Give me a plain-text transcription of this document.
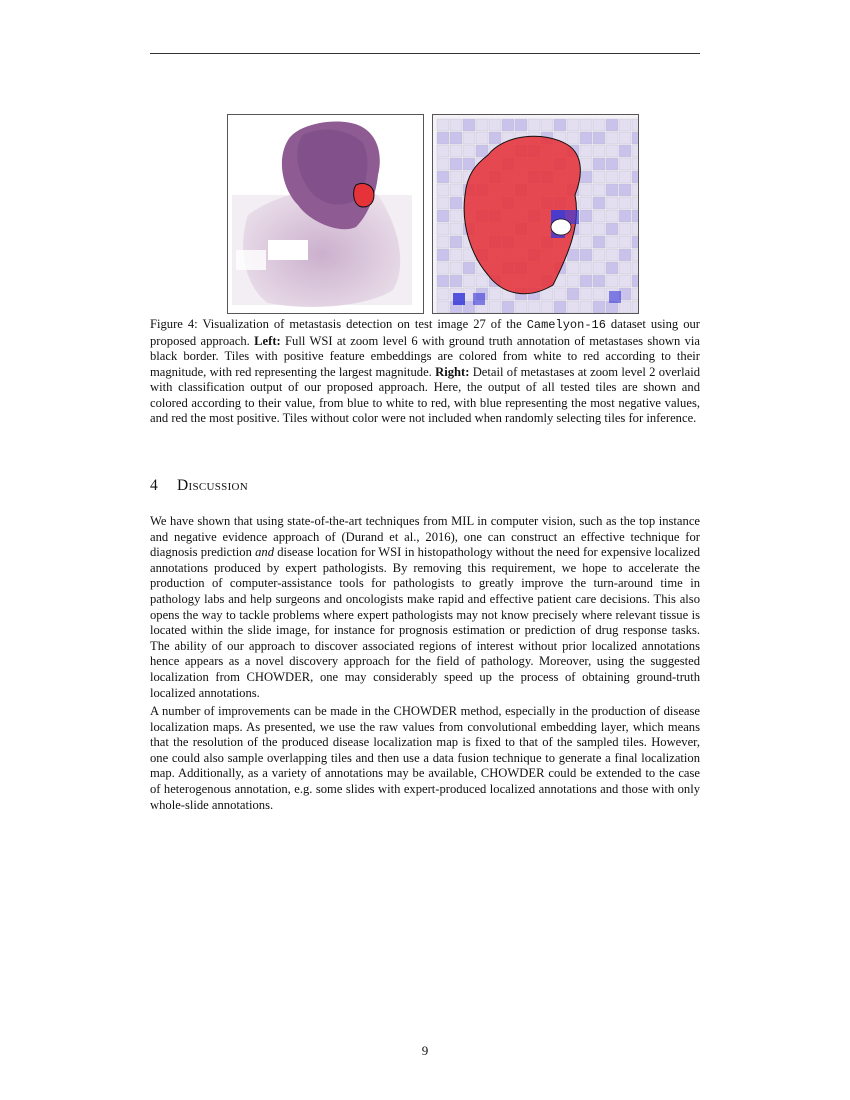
Figure 4: Visualization of metastasis detection on test image 27 of the Camelyon-16 dataset using our proposed approach. Left: Full WSI at zoom level 6 with ground truth annotation of metastases shown via black border. Tiles with positive feature embeddings are colored from white to red according to their magnitude, with red representing the largest magnitude. Right: Detail of metastases at zoom level 2 overlaid with classification output of our proposed approach. Here, the output of all tested tiles are shown and colored according to their value, from blue to white to red, with blue representing the most negative values, and red the most positive. Tiles without color were not included when randomly selecting tiles for inference.
4 Discussion

We have shown that using state-of-the-art techniques from MIL in computer vision, such as the top instance and negative evidence approach of (Durand et al., 2016), one can construct an effective technique for diagnosis prediction and disease location for WSI in histopathology without the need for expensive localized annotations produced by expert pathologists. By removing this requirement, we hope to accelerate the production of computer-assistance tools for pathologists to greatly improve the turn-around time in pathology labs and help surgeons and oncologists make rapid and effective patient care decisions. This also opens the way to tackle problems where expert pathologists may not know precisely where relevant tissue is located within the slide image, for instance for prognosis estimation or prediction of drug response tasks. The ability of our approach to discover associated regions of interest without prior localized annotations hence appears as a novel discovery approach for the field of pathology. Moreover, using the suggested localization from CHOWDER, one may considerably speed up the process of obtaining ground-truth localized annotations.

A number of improvements can be made in the CHOWDER method, especially in the production of disease localization maps. As presented, we use the raw values from convolutional embedding layer, which means that the resolution of the produced disease localization map is fixed to that of the sampled tiles. However, one could also sample overlapping tiles and then use a data fusion technique to generate a final localization map. Additionally, as a variety of annotations may be available, CHOWDER could be extended to the case of heterogenous annotation, e.g. some slides with expert-produced localized annotations and those with only whole-slide annotations.

9
